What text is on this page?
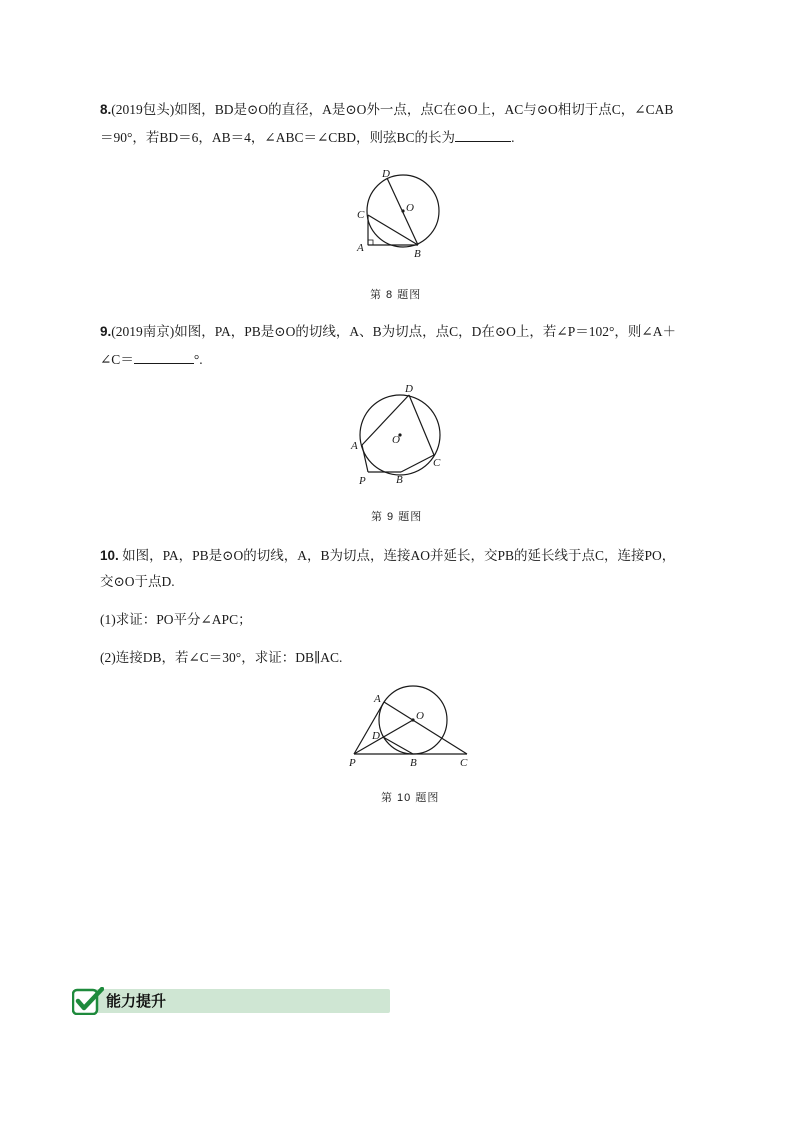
8.(2019包头)如图，BD是⊙O的直径，A是⊙O外一点，点C在⊙O上，AC与⊙O相切于点C，∠CAB
＝90°，若BD＝6，AB＝4，∠ABC＝∠CBD，则弦BC的长为	.
D
O
C
A	B
第 8 题图
9.(2019南京)如图，PA，PB是⊙O的切线，A、B为切点，点C，D在⊙O上，若∠P＝102°，则∠A＋
∠C＝	°.
D
O
A
C
P	B
第 9 题图
10. 如图，PA，PB是⊙O的切线，A，B为切点，连接AO并延长，交PB的延长线于点C，连接PO，
交⊙O于点D.
(1)求证：PO平分∠APC；
(2)连接DB，若∠C＝30°，求证：DB∥AC.
A
O
D
P	B	C
第 10 题图
能力提升
